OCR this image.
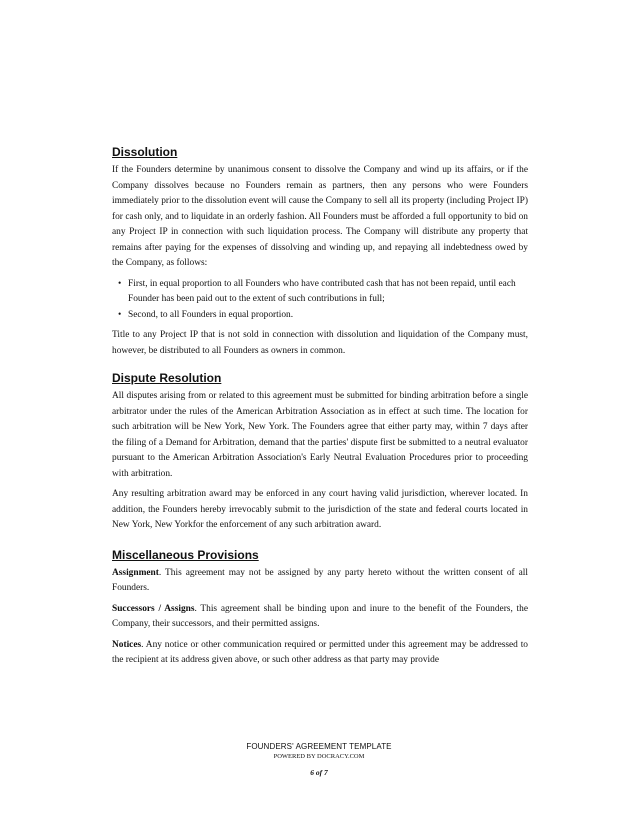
Dissolution

If the Founders determine by unanimous consent to dissolve the Company and wind up its affairs, or if the Company dissolves because no Founders remain as partners, then any persons who were Founders immediately prior to the dissolution event will cause the Company to sell all its property (including Project IP) for cash only, and to liquidate in an orderly fashion. All Founders must be afforded a full opportunity to bid on any Project IP in connection with such liquidation process. The Company will distribute any property that remains after paying for the expenses of dissolving and winding up, and repaying all indebtedness owed by the Company, as follows:

• First, in equal proportion to all Founders who have contributed cash that has not been repaid, until each Founder has been paid out to the extent of such contributions in full;
• Second, to all Founders in equal proportion.

Title to any Project IP that is not sold in connection with dissolution and liquidation of the Company must, however, be distributed to all Founders as owners in common.

Dispute Resolution

All disputes arising from or related to this agreement must be submitted for binding arbitration before a single arbitrator under the rules of the American Arbitration Association as in effect at such time. The location for such arbitration will be New York, New York. The Founders agree that either party may, within 7 days after the filing of a Demand for Arbitration, demand that the parties' dispute first be submitted to a neutral evaluator pursuant to the American Arbitration Association's Early Neutral Evaluation Procedures prior to proceeding with arbitration.

Any resulting arbitration award may be enforced in any court having valid jurisdiction, wherever located. In addition, the Founders hereby irrevocably submit to the jurisdiction of the state and federal courts located in New York, New Yorkfor the enforcement of any such arbitration award.

Miscellaneous Provisions

Assignment. This agreement may not be assigned by any party hereto without the written consent of all Founders.

Successors / Assigns. This agreement shall be binding upon and inure to the benefit of the Founders, the Company, their successors, and their permitted assigns.

Notices. Any notice or other communication required or permitted under this agreement may be addressed to the recipient at its address given above, or such other address as that party may provide

FOUNDERS' AGREEMENT TEMPLATE
POWERED BY DOCRACY.COM
6 of 7
